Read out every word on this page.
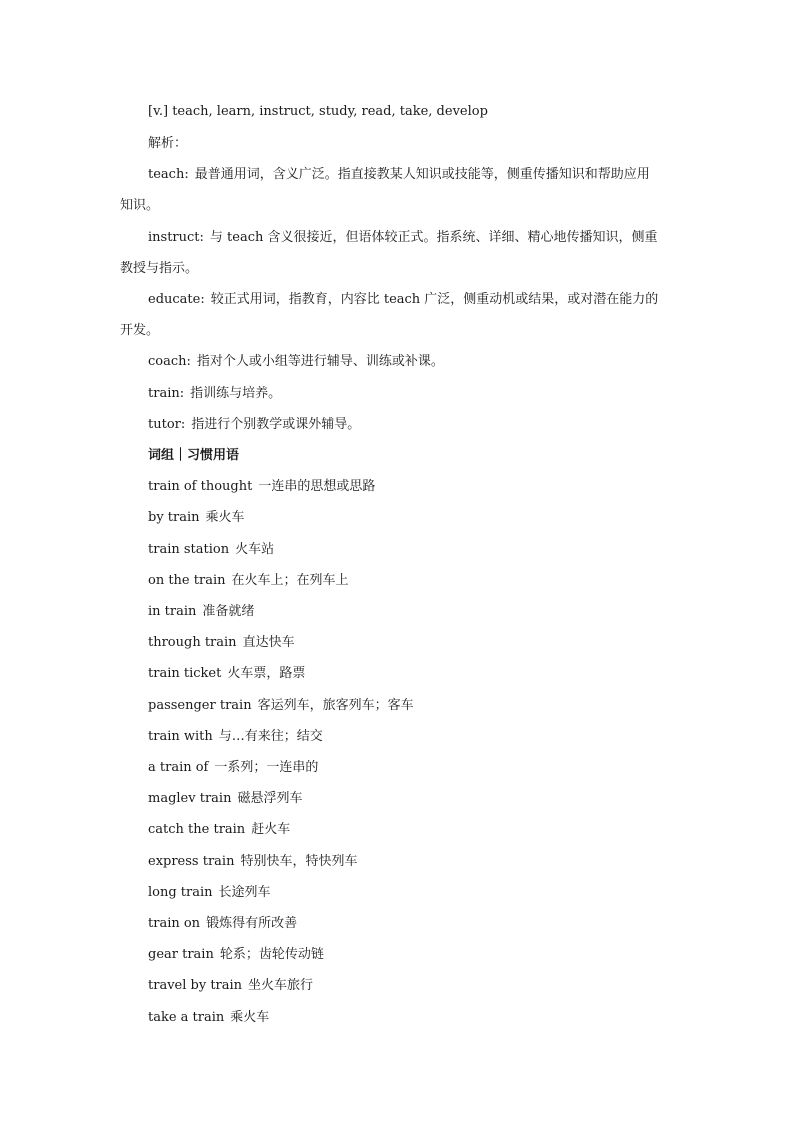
[v.] teach, learn, instruct, study, read, take, develop
解析：
teach: 最普通用词，含义广泛。指直接教某人知识或技能等，侧重传播知识和帮助应用
知识。
instruct: 与 teach 含义很接近，但语体较正式。指系统、详细、精心地传播知识，侧重
教授与指示。
educate: 较正式用词，指教育，内容比 teach 广泛，侧重动机或结果，或对潜在能力的
开发。
coach: 指对个人或小组等进行辅导、训练或补课。
train: 指训练与培养。
tutor: 指进行个别教学或课外辅导。
词组｜习惯用语
train of thought 一连串的思想或思路
by train 乘火车
train station 火车站
on the train 在火车上；在列车上
in train 准备就绪
through train 直达快车
train ticket 火车票，路票
passenger train 客运列车，旅客列车；客车
train with 与…有来往；结交
a train of 一系列；一连串的
maglev train 磁悬浮列车
catch the train 赶火车
express train 特别快车，特快列车
long train 长途列车
train on 锻炼得有所改善
gear train 轮系；齿轮传动链
travel by train 坐火车旅行
take a train 乘火车
